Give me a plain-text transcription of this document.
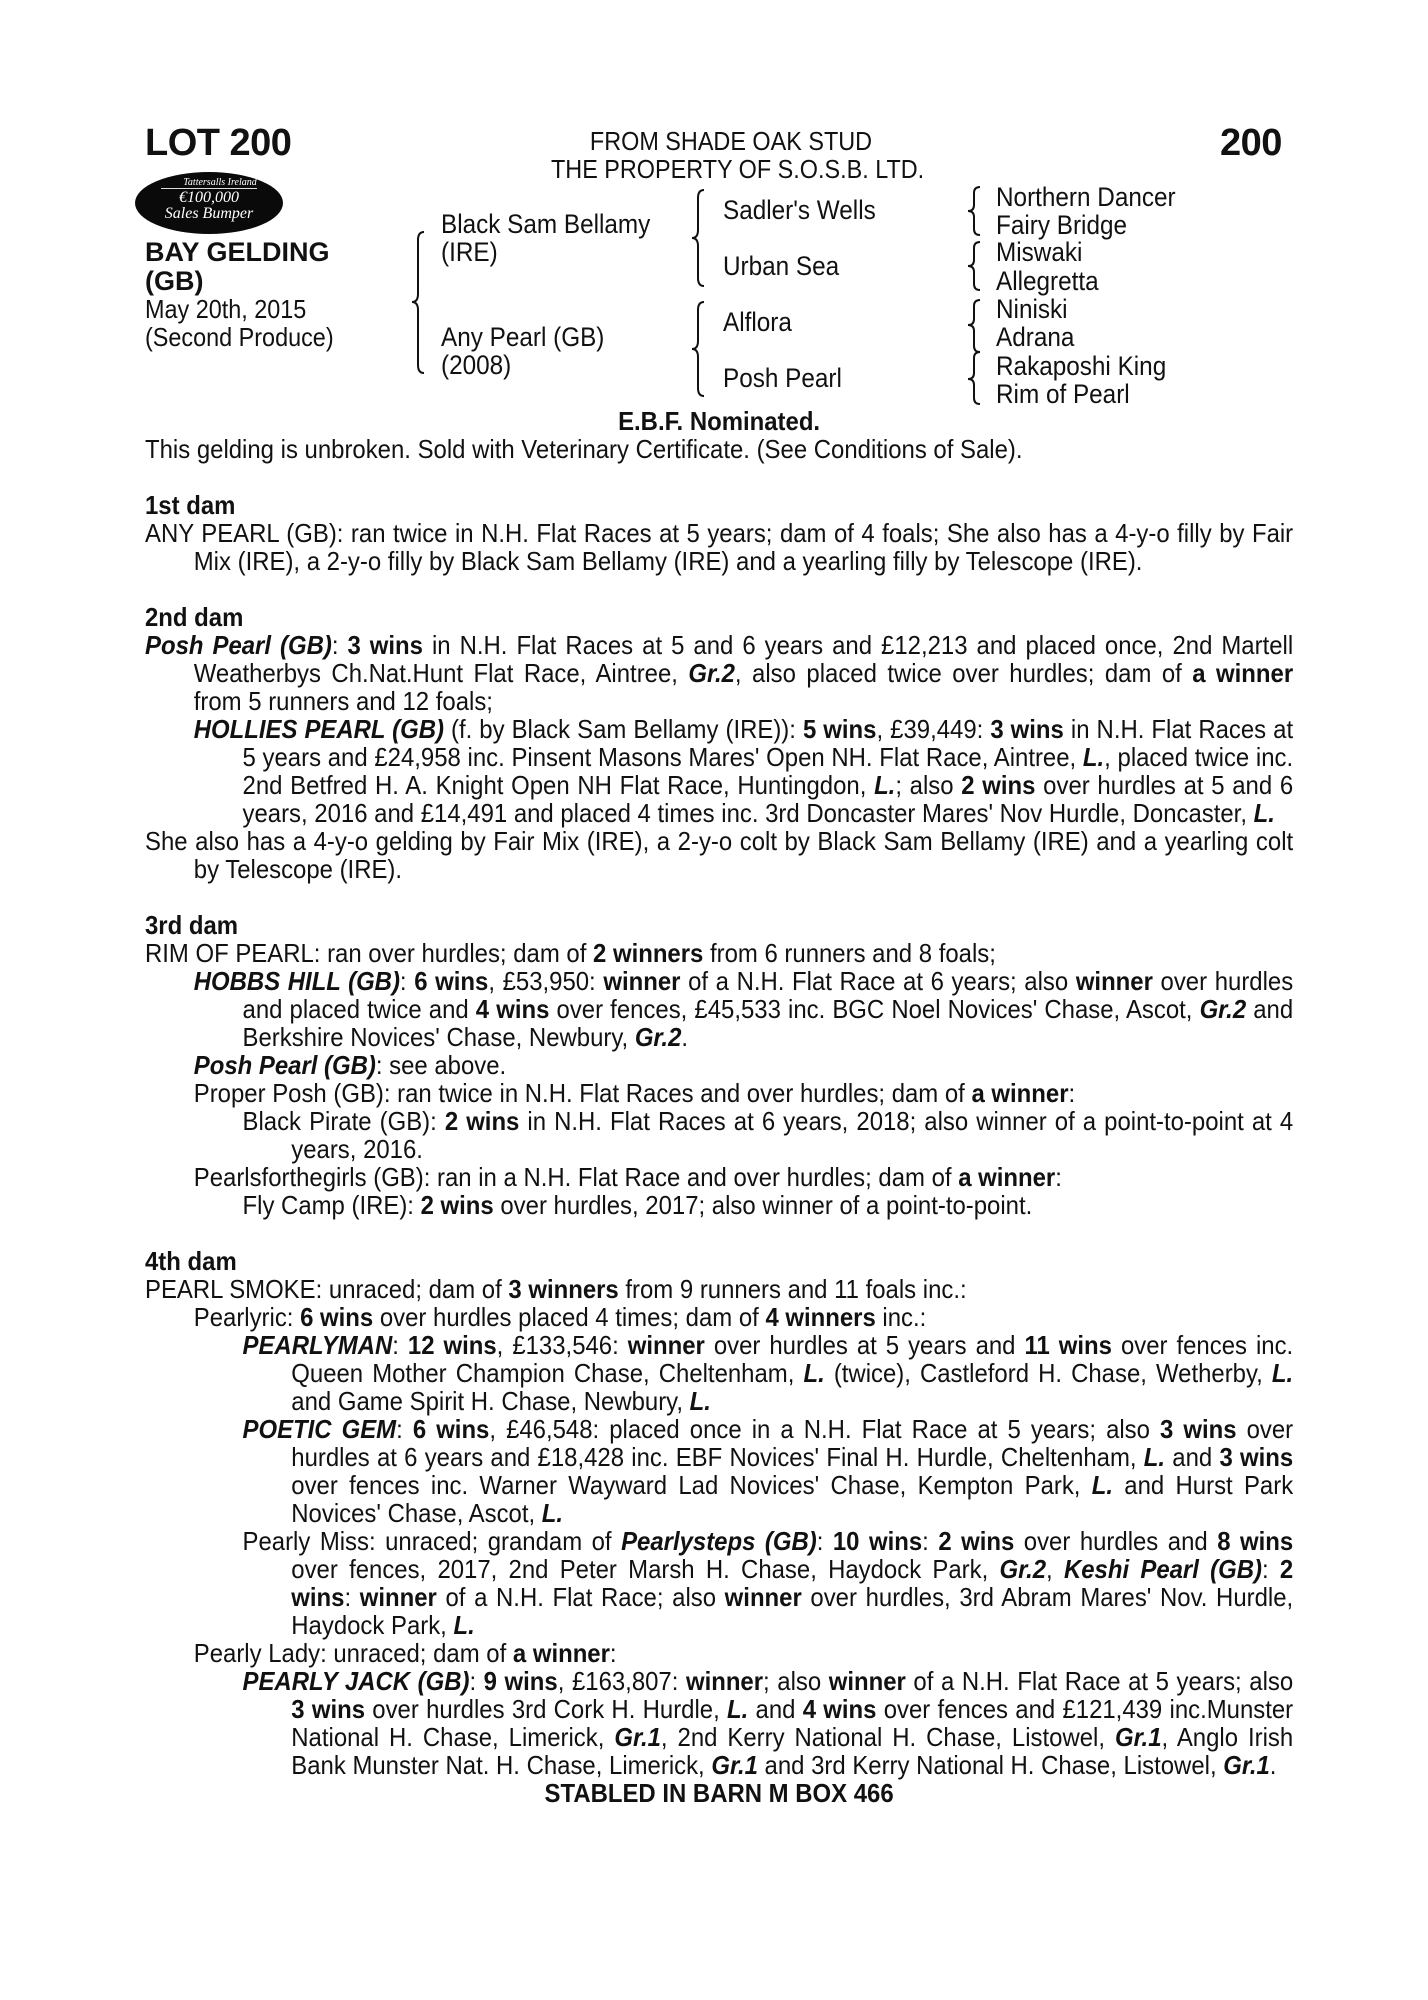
LOT 200	200
FROM SHADE OAK STUD
THE PROPERTY OF S.O.S.B. LTD.
Tattersalls Ireland
€100,000
Sales Bumper
BAY GELDING
(GB)
May 20th, 2015
(Second Produce)
Black Sam Bellamy
(IRE)
Any Pearl (GB)
(2008)
Sadler's Wells
Urban Sea
Alflora
Posh Pearl
Northern Dancer
Fairy Bridge
Miswaki
Allegretta
Niniski
Adrana
Rakaposhi King
Rim of Pearl
E.B.F. Nominated.
This gelding is unbroken. Sold with Veterinary Certificate. (See Conditions of Sale).
1st dam

ANY PEARL (GB): ran twice in N.H. Flat Races at 5 years; dam of 4 foals; She also has a 4-y-o filly by Fair Mix (IRE), a 2-y-o filly by Black Sam Bellamy (IRE) and a yearling filly by Telescope (IRE).

2nd dam

Posh Pearl (GB): 3 wins in N.H. Flat Races at 5 and 6 years and £12,213 and placed once, 2nd Martell Weatherbys Ch.Nat.Hunt Flat Race, Aintree, Gr.2, also placed twice over hurdles; dam of a winner from 5 runners and 12 foals;

HOLLIES PEARL (GB) (f. by Black Sam Bellamy (IRE)): 5 wins, £39,449: 3 wins in N.H. Flat Races at 5 years and £24,958 inc. Pinsent Masons Mares' Open NH. Flat Race, Aintree, L., placed twice inc. 2nd Betfred H. A. Knight Open NH Flat Race, Huntingdon, L.; also 2 wins over hurdles at 5 and 6 years, 2016 and £14,491 and placed 4 times inc. 3rd Doncaster Mares' Nov Hurdle, Doncaster, L.

She also has a 4-y-o gelding by Fair Mix (IRE), a 2-y-o colt by Black Sam Bellamy (IRE) and a yearling colt by Telescope (IRE).

3rd dam

RIM OF PEARL: ran over hurdles; dam of 2 winners from 6 runners and 8 foals;

HOBBS HILL (GB): 6 wins, £53,950: winner of a N.H. Flat Race at 6 years; also winner over hurdles and placed twice and 4 wins over fences, £45,533 inc. BGC Noel Novices' Chase, Ascot, Gr.2 and Berkshire Novices' Chase, Newbury, Gr.2.

Posh Pearl (GB): see above.

Proper Posh (GB): ran twice in N.H. Flat Races and over hurdles; dam of a winner:

Black Pirate (GB): 2 wins in N.H. Flat Races at 6 years, 2018; also winner of a point-to-point at 4 years, 2016.

Pearlsforthegirls (GB): ran in a N.H. Flat Race and over hurdles; dam of a winner:

Fly Camp (IRE): 2 wins over hurdles, 2017; also winner of a point-to-point.

4th dam

PEARL SMOKE: unraced; dam of 3 winners from 9 runners and 11 foals inc.:

Pearlyric: 6 wins over hurdles placed 4 times; dam of 4 winners inc.:

PEARLYMAN: 12 wins, £133,546: winner over hurdles at 5 years and 11 wins over fences inc. Queen Mother Champion Chase, Cheltenham, L. (twice), Castleford H. Chase, Wetherby, L. and Game Spirit H. Chase, Newbury, L.

POETIC GEM: 6 wins, £46,548: placed once in a N.H. Flat Race at 5 years; also 3 wins over hurdles at 6 years and £18,428 inc. EBF Novices' Final H. Hurdle, Cheltenham, L. and 3 wins over fences inc. Warner Wayward Lad Novices' Chase, Kempton Park, L. and Hurst Park Novices' Chase, Ascot, L.

Pearly Miss: unraced; grandam of Pearlysteps (GB): 10 wins: 2 wins over hurdles and 8 wins over fences, 2017, 2nd Peter Marsh H. Chase, Haydock Park, Gr.2, Keshi Pearl (GB): 2 wins: winner of a N.H. Flat Race; also winner over hurdles, 3rd Abram Mares' Nov. Hurdle, Haydock Park, L.

Pearly Lady: unraced; dam of a winner:

PEARLY JACK (GB): 9 wins, £163,807: winner; also winner of a N.H. Flat Race at 5 years; also 3 wins over hurdles 3rd Cork H. Hurdle, L. and 4 wins over fences and £121,439 inc.Munster National H. Chase, Limerick, Gr.1, 2nd Kerry National H. Chase, Listowel, Gr.1, Anglo Irish Bank Munster Nat. H. Chase, Limerick, Gr.1 and 3rd Kerry National H. Chase, Listowel, Gr.1.

STABLED IN BARN M BOX 466
